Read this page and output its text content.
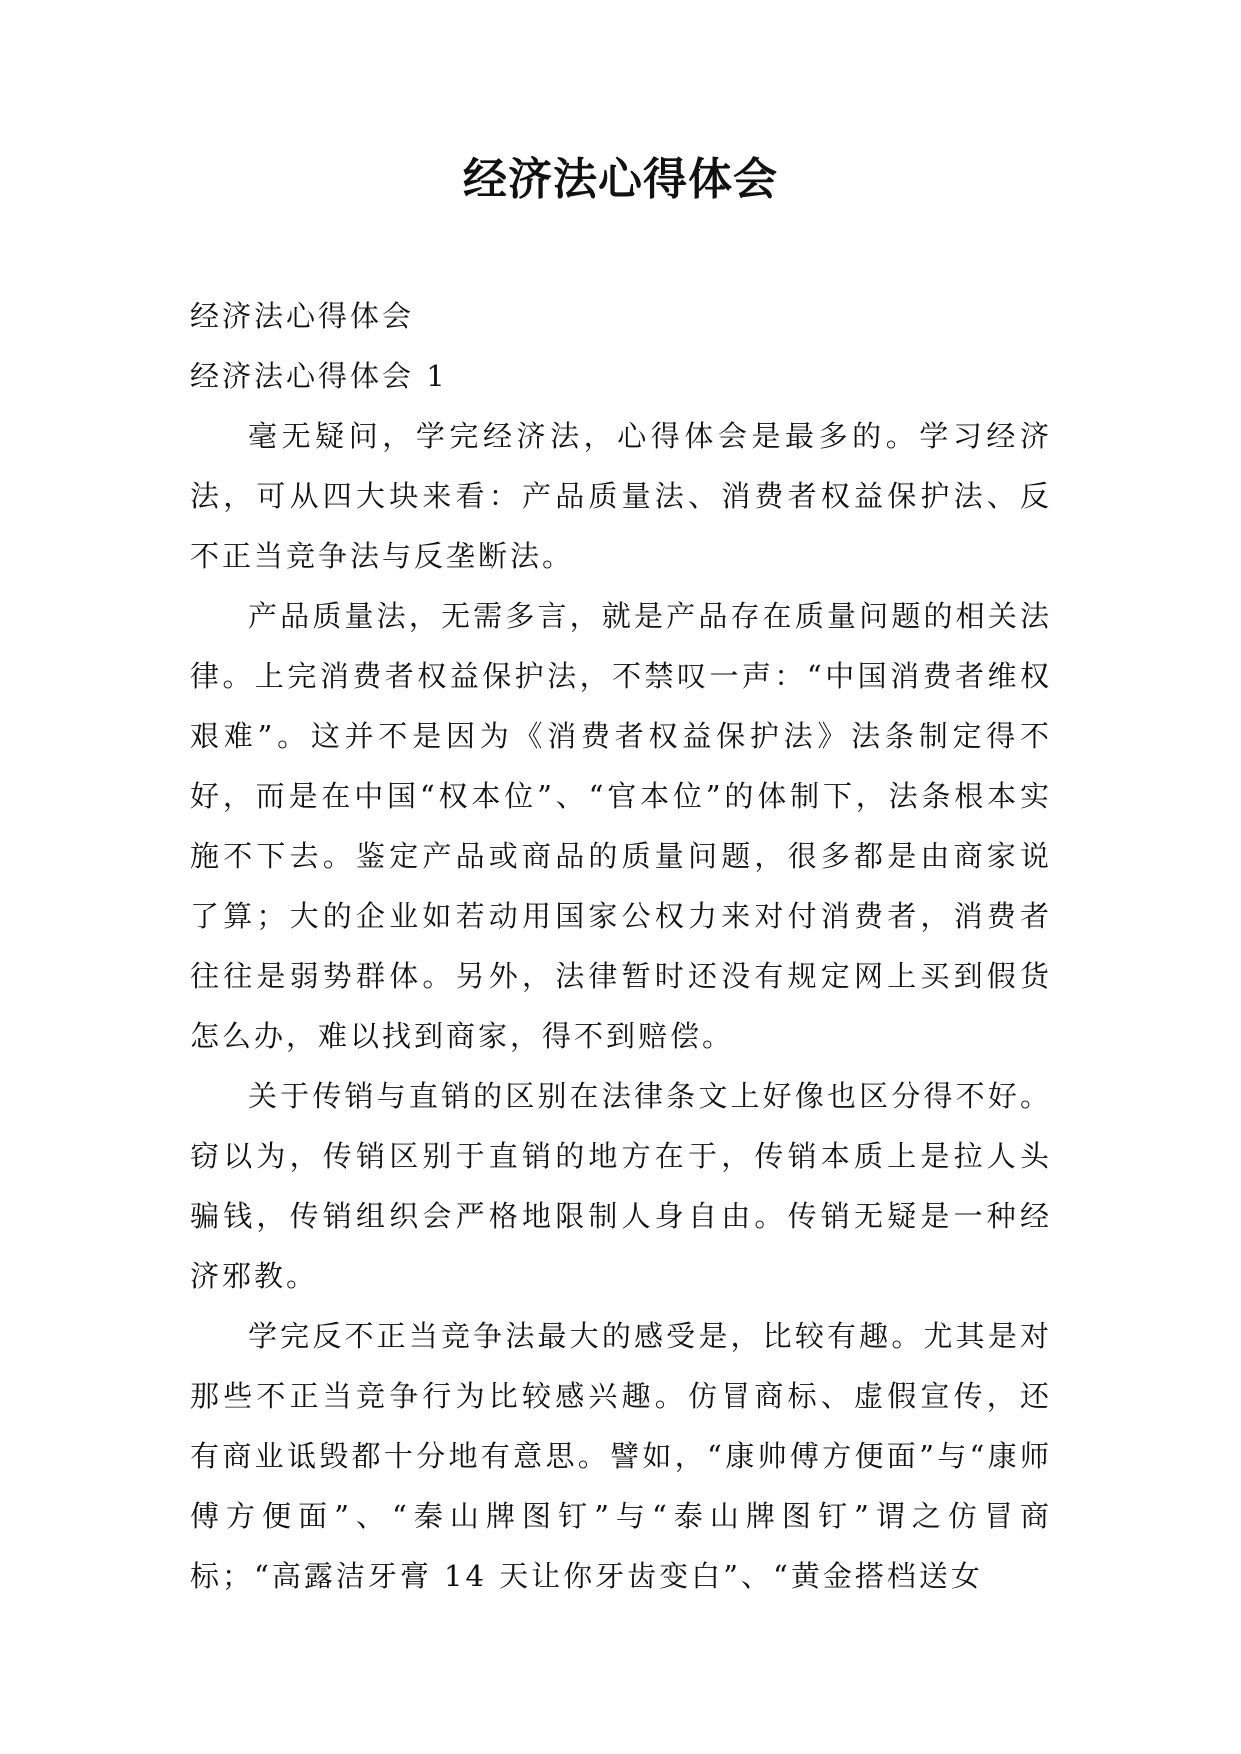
经济法心得体会

经济法心得体会

经济法心得体会 1

毫无疑问，学完经济法，心得体会是最多的。学习经济法，可从四大块来看：产品质量法、消费者权益保护法、反不正当竞争法与反垄断法。

产品质量法，无需多言，就是产品存在质量问题的相关法律。上完消费者权益保护法，不禁叹一声：“中国消费者维权艰难”。这并不是因为《消费者权益保护法》法条制定得不好，而是在中国“权本位”、“官本位”的体制下，法条根本实施不下去。鉴定产品或商品的质量问题，很多都是由商家说了算；大的企业如若动用国家公权力来对付消费者，消费者往往是弱势群体。另外，法律暂时还没有规定网上买到假货怎么办，难以找到商家，得不到赔偿。

关于传销与直销的区别在法律条文上好像也区分得不好。窃以为，传销区别于直销的地方在于，传销本质上是拉人头骗钱，传销组织会严格地限制人身自由。传销无疑是一种经济邪教。

学完反不正当竞争法最大的感受是，比较有趣。尤其是对那些不正当竞争行为比较感兴趣。仿冒商标、虚假宣传，还有商业诋毁都十分地有意思。譬如，“康帅傅方便面”与“康师傅方便面”、“秦山牌图钉”与“泰山牌图钉”谓之仿冒商标；“高露洁牙膏 14 天让你牙齿变白”、“黄金搭档送女
